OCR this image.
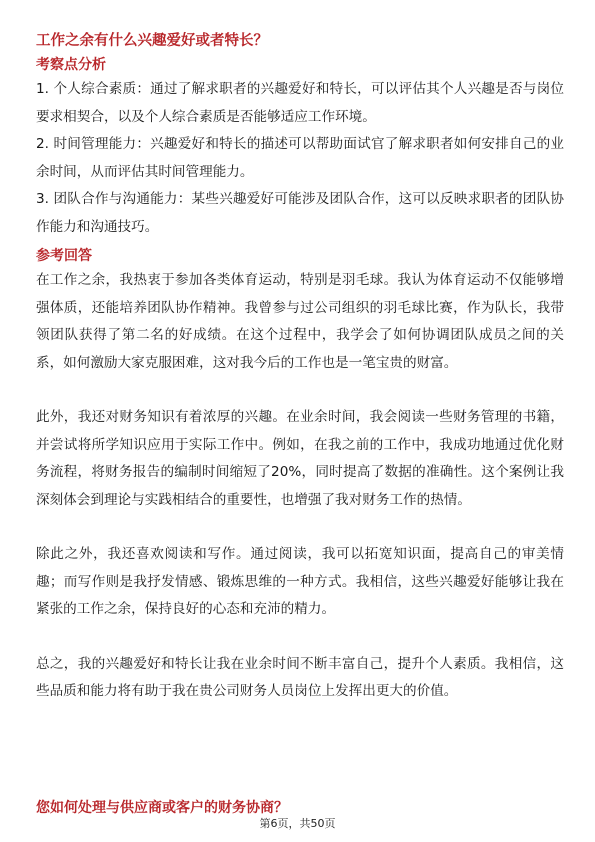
工作之余有什么兴趣爱好或者特长？

考察点分析

1. 个人综合素质：通过了解求职者的兴趣爱好和特长，可以评估其个人兴趣是否与岗位要求相契合，以及个人综合素质是否能够适应工作环境。

2. 时间管理能力：兴趣爱好和特长的描述可以帮助面试官了解求职者如何安排自己的业余时间，从而评估其时间管理能力。

3. 团队合作与沟通能力：某些兴趣爱好可能涉及团队合作，这可以反映求职者的团队协作能力和沟通技巧。

参考回答

在工作之余，我热衷于参加各类体育运动，特别是羽毛球。我认为体育运动不仅能够增强体质，还能培养团队协作精神。我曾参与过公司组织的羽毛球比赛，作为队长，我带领团队获得了第二名的好成绩。在这个过程中，我学会了如何协调团队成员之间的关系，如何激励大家克服困难，这对我今后的工作也是一笔宝贵的财富。

此外，我还对财务知识有着浓厚的兴趣。在业余时间，我会阅读一些财务管理的书籍，并尝试将所学知识应用于实际工作中。例如，在我之前的工作中，我成功地通过优化财务流程，将财务报告的编制时间缩短了20%，同时提高了数据的准确性。这个案例让我深刻体会到理论与实践相结合的重要性，也增强了我对财务工作的热情。

除此之外，我还喜欢阅读和写作。通过阅读，我可以拓宽知识面，提高自己的审美情趣；而写作则是我抒发情感、锻炼思维的一种方式。我相信，这些兴趣爱好能够让我在紧张的工作之余，保持良好的心态和充沛的精力。

总之，我的兴趣爱好和特长让我在业余时间不断丰富自己，提升个人素质。我相信，这些品质和能力将有助于我在贵公司财务人员岗位上发挥出更大的价值。

您如何处理与供应商或客户的财务协商？

第6页，共50页
